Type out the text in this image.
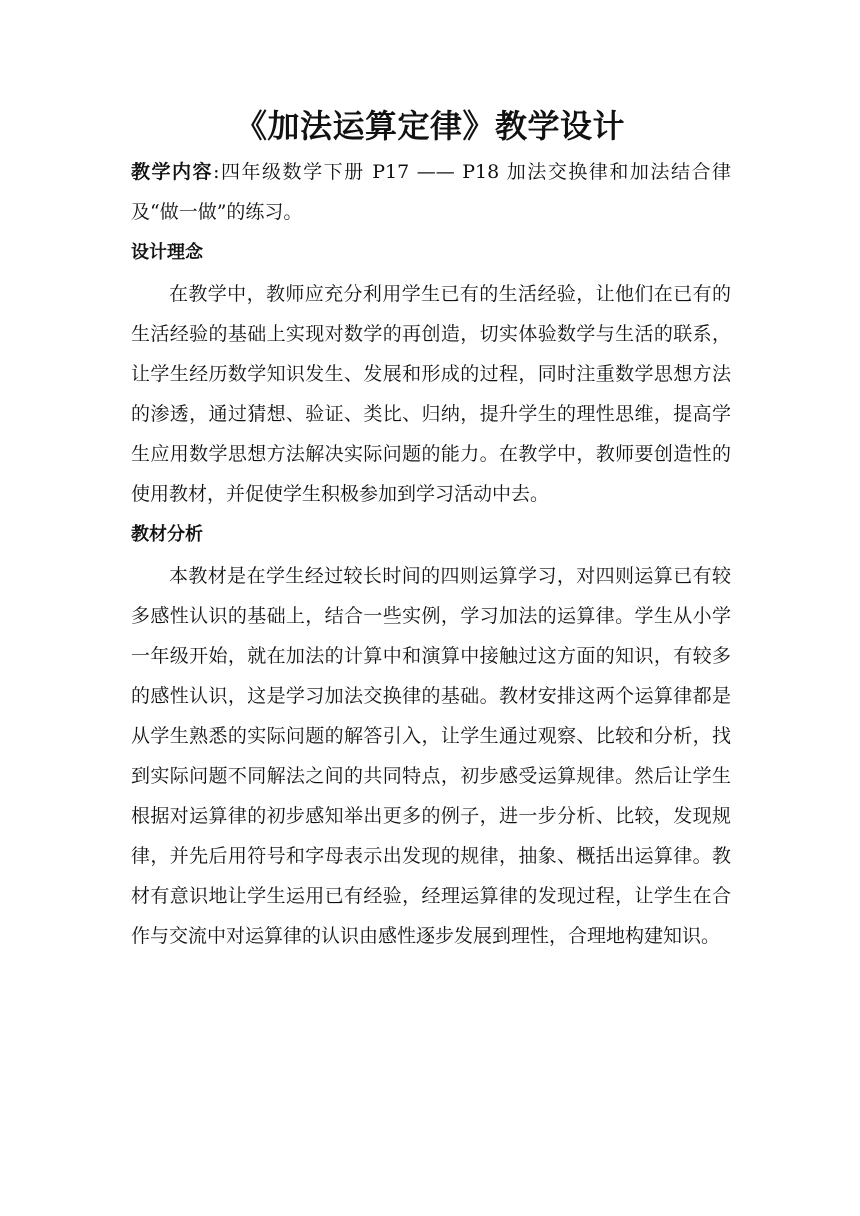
《加法运算定律》教学设计

教学内容:四年级数学下册 P17 —— P18 加法交换律和加法结合律及“做一做”的练习。

设计理念

在教学中，教师应充分利用学生已有的生活经验，让他们在已有的生活经验的基础上实现对数学的再创造，切实体验数学与生活的联系，让学生经历数学知识发生、发展和形成的过程，同时注重数学思想方法的渗透，通过猜想、验证、类比、归纳，提升学生的理性思维，提高学生应用数学思想方法解决实际问题的能力。在教学中，教师要创造性的使用教材，并促使学生积极参加到学习活动中去。

教材分析

本教材是在学生经过较长时间的四则运算学习，对四则运算已有较多感性认识的基础上，结合一些实例，学习加法的运算律。学生从小学一年级开始，就在加法的计算中和演算中接触过这方面的知识，有较多的感性认识，这是学习加法交换律的基础。教材安排这两个运算律都是从学生熟悉的实际问题的解答引入，让学生通过观察、比较和分析，找到实际问题不同解法之间的共同特点，初步感受运算规律。然后让学生根据对运算律的初步感知举出更多的例子，进一步分析、比较，发现规律，并先后用符号和字母表示出发现的规律，抽象、概括出运算律。教材有意识地让学生运用已有经验，经理运算律的发现过程，让学生在合作与交流中对运算律的认识由感性逐步发展到理性，合理地构建知识。
